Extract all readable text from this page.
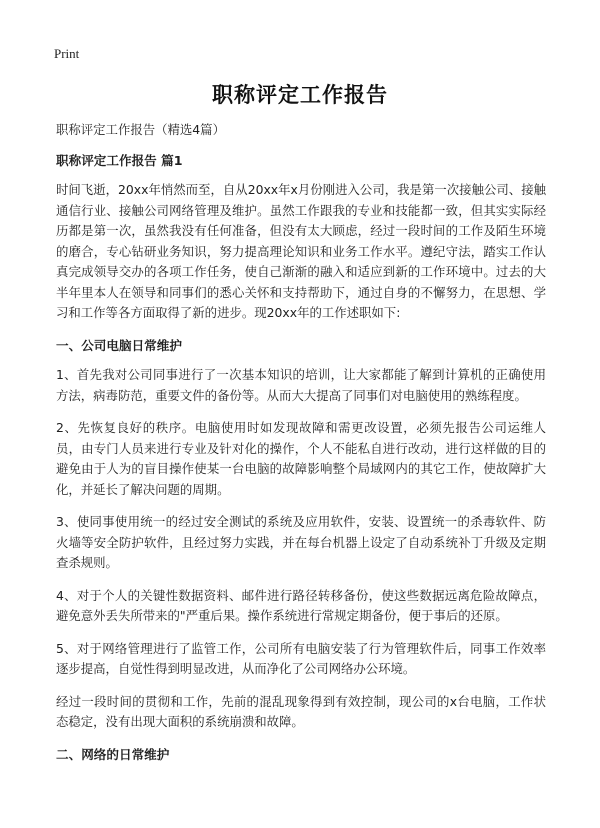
Print
职称评定工作报告

职称评定工作报告（精选4篇）

职称评定工作报告 篇1

时间飞逝，20xx年悄然而至，自从20xx年x月份刚进入公司，我是第一次接触公司、接触通信行业、接触公司网络管理及维护。虽然工作跟我的专业和技能都一致，但其实实际经历都是第一次，虽然我没有任何准备，但没有太大顾虑，经过一段时间的工作及陌生环境的磨合，专心钻研业务知识，努力提高理论知识和业务工作水平。遵纪守法，踏实工作认真完成领导交办的各项工作任务，使自己渐渐的融入和适应到新的工作环境中。过去的大半年里本人在领导和同事们的悉心关怀和支持帮助下，通过自身的不懈努力，在思想、学习和工作等各方面取得了新的进步。现20xx年的工作述职如下:

一、公司电脑日常维护

1、首先我对公司同事进行了一次基本知识的培训，让大家都能了解到计算机的正确使用方法，病毒防范，重要文件的备份等。从而大大提高了同事们对电脑使用的熟练程度。

2、先恢复良好的秩序。电脑使用时如发现故障和需更改设置，必须先报告公司运维人员，由专门人员来进行专业及针对化的操作，个人不能私自进行改动，进行这样做的目的避免由于人为的盲目操作使某一台电脑的故障影响整个局域网内的其它工作，使故障扩大化，并延长了解决问题的周期。

3、使同事使用统一的经过安全测试的系统及应用软件，安装、设置统一的杀毒软件、防火墙等安全防护软件，且经过努力实践，并在每台机器上设定了自动系统补丁升级及定期查杀规则。

4、对于个人的关键性数据资料、邮件进行路径转移备份，使这些数据远离危险故障点，避免意外丢失所带来的"严重后果。操作系统进行常规定期备份，便于事后的还原。

5、对于网络管理进行了监管工作，公司所有电脑安装了行为管理软件后，同事工作效率逐步提高，自觉性得到明显改进，从而净化了公司网络办公环境。

经过一段时间的贯彻和工作，先前的混乱现象得到有效控制，现公司的x台电脑，工作状态稳定，没有出现大面积的系统崩溃和故障。

二、网络的日常维护
